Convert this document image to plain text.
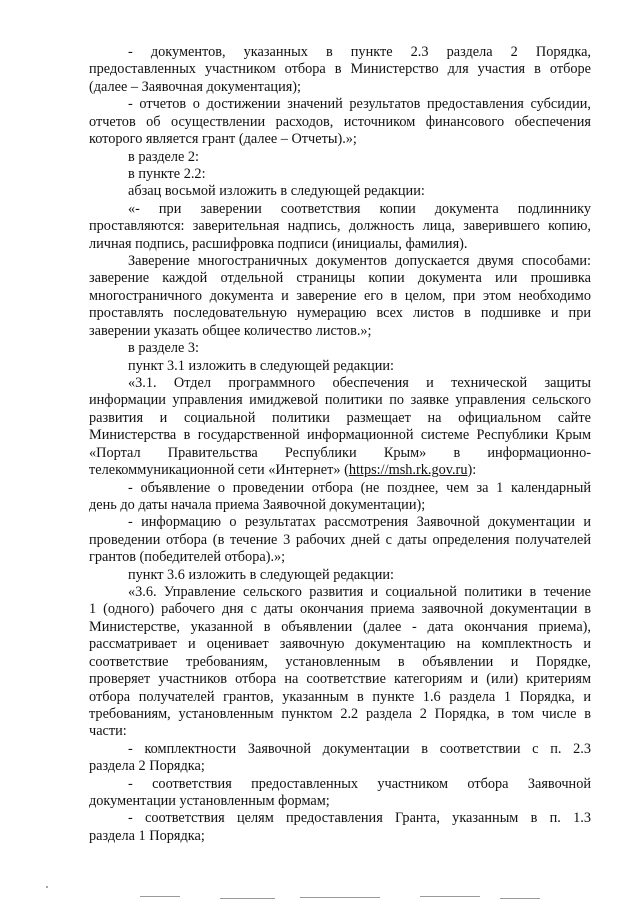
- документов, указанных в пункте 2.3 раздела 2 Порядка,
предоставленных участником отбора в Министерство для участия в отборе
(далее – Заявочная документация);
- отчетов о достижении значений результатов предоставления субсидии,
отчетов об осуществлении расходов, источником финансового обеспечения
которого является грант (далее – Отчеты).»;
в разделе 2:
в пункте 2.2:
абзац восьмой изложить в следующей редакции:
«- при заверении соответствия копии документа подлиннику
проставляются: заверительная надпись, должность лица, заверившего копию,
личная подпись, расшифровка подписи (инициалы, фамилия).
Заверение многостраничных документов допускается двумя способами:
заверение каждой отдельной страницы копии документа или прошивка
многостраничного документа и заверение его в целом, при этом необходимо
проставлять последовательную нумерацию всех листов в подшивке и при
заверении указать общее количество листов.»;
в разделе 3:
пункт 3.1 изложить в следующей редакции:
«3.1. Отдел программного обеспечения и технической защиты
информации управления имиджевой политики по заявке управления сельского
развития и социальной политики размещает на официальном сайте
Министерства в государственной информационной системе Республики Крым
«Портал Правительства Республики Крым» в информационно-
телекоммуникационной сети «Интернет» (https://msh.rk.gov.ru):
- объявление о проведении отбора (не позднее, чем за 1 календарный
день до даты начала приема Заявочной документации);
- информацию о результатах рассмотрения Заявочной документации и
проведении отбора (в течение 3 рабочих дней с даты определения получателей
грантов (победителей отбора).»;
пункт 3.6 изложить в следующей редакции:
«3.6. Управление сельского развития и социальной политики в течение
1 (одного) рабочего дня с даты окончания приема заявочной документации в
Министерстве, указанной в объявлении (далее - дата окончания приема),
рассматривает и оценивает заявочную документацию на комплектность и
соответствие требованиям, установленным в объявлении и Порядке,
проверяет участников отбора на соответствие категориям и (или) критериям
отбора получателей грантов, указанным в пункте 1.6 раздела 1 Порядка, и
требованиям, установленным пунктом 2.2 раздела 2 Порядка, в том числе в
части:
- комплектности Заявочной документации в соответствии с п. 2.3
раздела 2 Порядка;
- соответствия предоставленных участником отбора Заявочной
документации установленным формам;
- соответствия целям предоставления Гранта, указанным в п. 1.3
раздела 1 Порядка;
